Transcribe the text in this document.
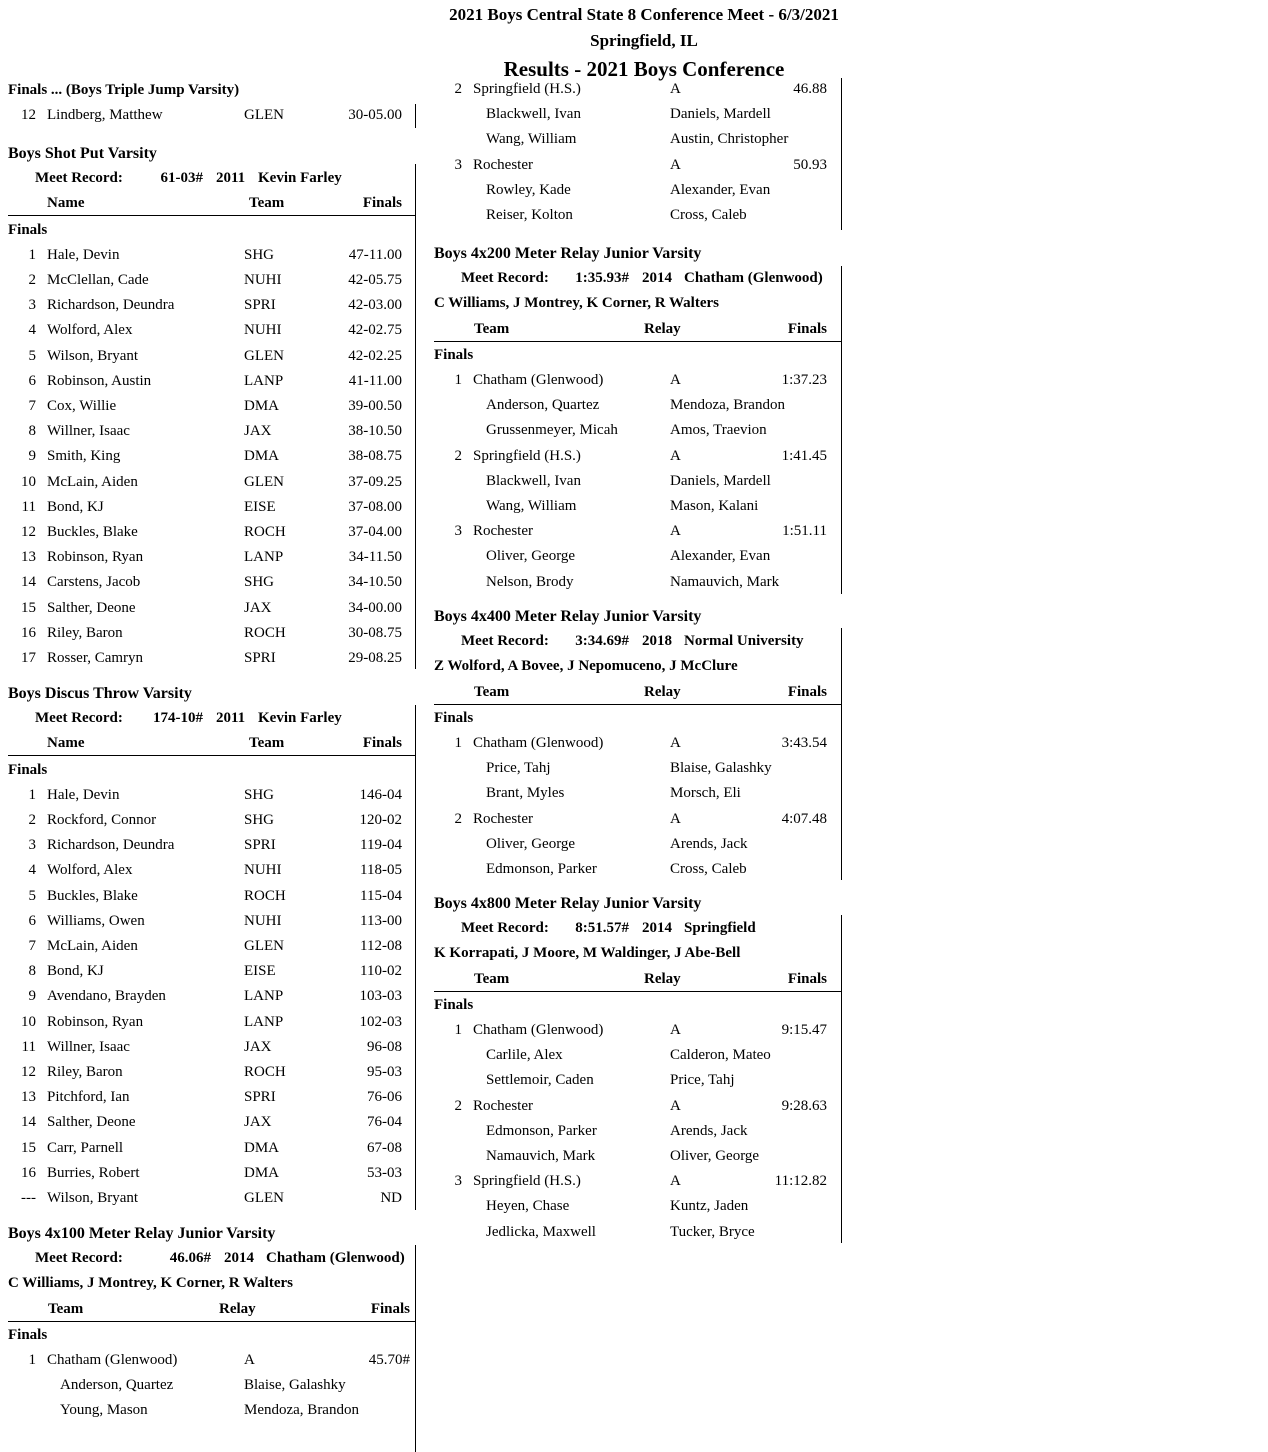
2021 Boys Central State 8 Conference Meet - 6/3/2021
Springfield, IL
Results - 2021 Boys Conference
Finals ... (Boys Triple Jump Varsity)
12 Lindberg, Matthew	GLEN	30-05.00
Boys Shot Put Varsity
Meet Record:	61-03# 2011 Kevin Farley
Name	Team	Finals
Finals
1 Hale, Devin	SHG	47-11.00
2 McClellan, Cade	NUHI	42-05.75
3 Richardson, Deundra	SPRI	42-03.00
4 Wolford, Alex	NUHI	42-02.75
5 Wilson, Bryant	GLEN	42-02.25
6 Robinson, Austin	LANP	41-11.00
7 Cox, Willie	DMA	39-00.50
8 Willner, Isaac	JAX	38-10.50
9 Smith, King	DMA	38-08.75
10 McLain, Aiden	GLEN	37-09.25
11 Bond, KJ	EISE	37-08.00
12 Buckles, Blake	ROCH	37-04.00
13 Robinson, Ryan	LANP	34-11.50
14 Carstens, Jacob	SHG	34-10.50
15 Salther, Deone	JAX	34-00.00
16 Riley, Baron	ROCH	30-08.75
17 Rosser, Camryn	SPRI	29-08.25
Boys Discus Throw Varsity
Meet Record:	174-10# 2011 Kevin Farley
Name	Team	Finals
Finals
1 Hale, Devin	SHG	146-04
2 Rockford, Connor	SHG	120-02
3 Richardson, Deundra	SPRI	119-04
4 Wolford, Alex	NUHI	118-05
5 Buckles, Blake	ROCH	115-04
6 Williams, Owen	NUHI	113-00
7 McLain, Aiden	GLEN	112-08
8 Bond, KJ	EISE	110-02
9 Avendano, Brayden	LANP	103-03
10 Robinson, Ryan	LANP	102-03
11 Willner, Isaac	JAX	96-08
12 Riley, Baron	ROCH	95-03
13 Pitchford, Ian	SPRI	76-06
14 Salther, Deone	JAX	76-04
15 Carr, Parnell	DMA	67-08
16 Burries, Robert	DMA	53-03
--- Wilson, Bryant	GLEN	ND
Boys 4x100 Meter Relay Junior Varsity
Meet Record:	46.06# 2014 Chatham (Glenwood)
C Williams, J Montrey, K Corner, R Walters
Team	Relay	Finals
Finals
1 Chatham (Glenwood)	A	45.70#
Anderson, Quartez	Blaise, Galashky
Young, Mason	Mendoza, Brandon
2 Springfield (H.S.)	A	46.88
Blackwell, Ivan	Daniels, Mardell
Wang, William	Austin, Christopher
3 Rochester	A	50.93
Rowley, Kade	Alexander, Evan
Reiser, Kolton	Cross, Caleb
Boys 4x200 Meter Relay Junior Varsity
Meet Record:	1:35.93# 2014 Chatham (Glenwood)
C Williams, J Montrey, K Corner, R Walters
Team	Relay	Finals
Finals
1 Chatham (Glenwood)	A	1:37.23
Anderson, Quartez	Mendoza, Brandon
Grussenmeyer, Micah	Amos, Traevion
2 Springfield (H.S.)	A	1:41.45
Blackwell, Ivan	Daniels, Mardell
Wang, William	Mason, Kalani
3 Rochester	A	1:51.11
Oliver, George	Alexander, Evan
Nelson, Brody	Namauvich, Mark
Boys 4x400 Meter Relay Junior Varsity
Meet Record:	3:34.69# 2018 Normal University
Z Wolford, A Bovee, J Nepomuceno, J McClure
Team	Relay	Finals
Finals
1 Chatham (Glenwood)	A	3:43.54
Price, Tahj	Blaise, Galashky
Brant, Myles	Morsch, Eli
2 Rochester	A	4:07.48
Oliver, George	Arends, Jack
Edmonson, Parker	Cross, Caleb
Boys 4x800 Meter Relay Junior Varsity
Meet Record:	8:51.57# 2014 Springfield
K Korrapati, J Moore, M Waldinger, J Abe-Bell
Team	Relay	Finals
Finals
1 Chatham (Glenwood)	A	9:15.47
Carlile, Alex	Calderon, Mateo
Settlemoir, Caden	Price, Tahj
2 Rochester	A	9:28.63
Edmonson, Parker	Arends, Jack
Namauvich, Mark	Oliver, George
3 Springfield (H.S.)	A	11:12.82
Heyen, Chase	Kuntz, Jaden
Jedlicka, Maxwell	Tucker, Bryce
